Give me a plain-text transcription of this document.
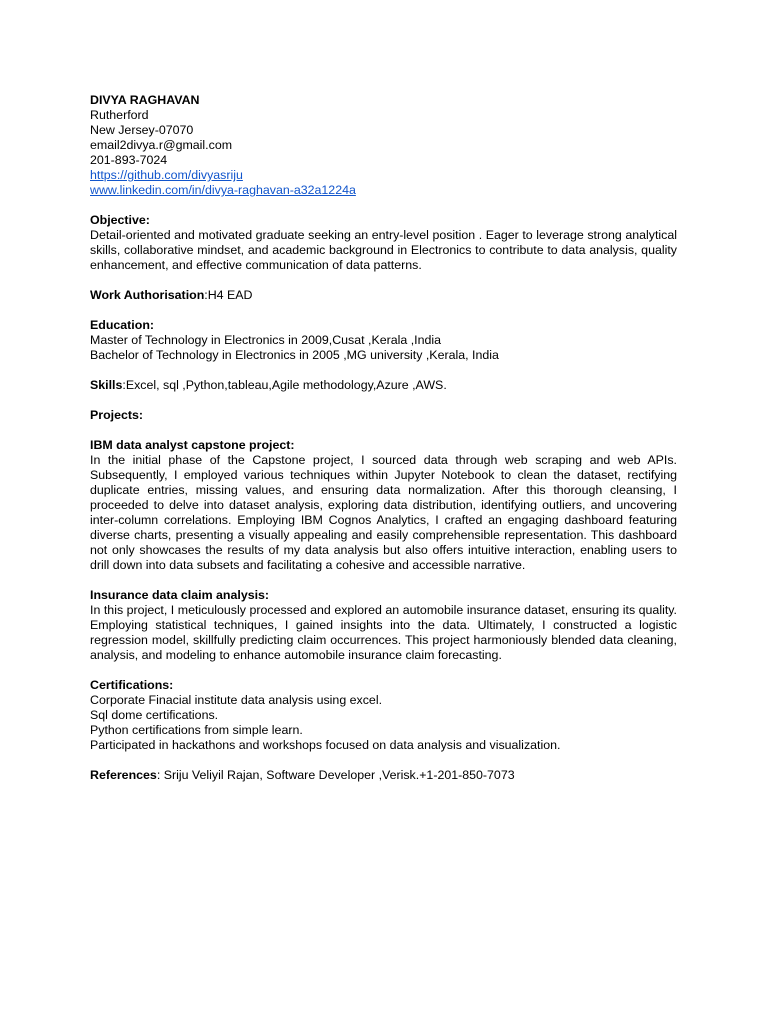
DIVYA RAGHAVAN
Rutherford
New Jersey-07070
email2divya.r@gmail.com
201-893-7024
https://github.com/divyasriju
www.linkedin.com/in/divya-raghavan-a32a1224a
Objective:

Detail-oriented and motivated graduate seeking an entry-level position . Eager to leverage strong analytical skills, collaborative mindset, and academic background in Electronics to contribute to data analysis, quality enhancement, and effective communication of data patterns.

Work Authorisation:H4 EAD
Education:
Master of Technology in Electronics in 2009,Cusat ,Kerala ,India
Bachelor of Technology in Electronics in 2005 ,MG university ,Kerala, India
Skills:Excel, sql ,Python,tableau,Agile methodology,Azure ,AWS.
Projects:
IBM data analyst capstone project:

In the initial phase of the Capstone project, I sourced data through web scraping and web APIs. Subsequently, I employed various techniques within Jupyter Notebook to clean the dataset, rectifying duplicate entries, missing values, and ensuring data normalization. After this thorough cleansing, I proceeded to delve into dataset analysis, exploring data distribution, identifying outliers, and uncovering inter-column correlations. Employing IBM Cognos Analytics, I crafted an engaging dashboard featuring diverse charts, presenting a visually appealing and easily comprehensible representation. This dashboard not only showcases the results of my data analysis but also offers intuitive interaction, enabling users to drill down into data subsets and facilitating a cohesive and accessible narrative.

Insurance data claim analysis:

In this project, I meticulously processed and explored an automobile insurance dataset, ensuring its quality. Employing statistical techniques, I gained insights into the data. Ultimately, I constructed a logistic regression model, skillfully predicting claim occurrences. This project harmoniously blended data cleaning, analysis, and modeling to enhance automobile insurance claim forecasting.

Certifications:
Corporate Finacial institute data analysis using excel.
Sql dome certifications.
Python certifications from simple learn.
Participated in hackathons and workshops focused on data analysis and visualization.
References: Sriju Veliyil Rajan, Software Developer ,Verisk.+1-201-850-7073
